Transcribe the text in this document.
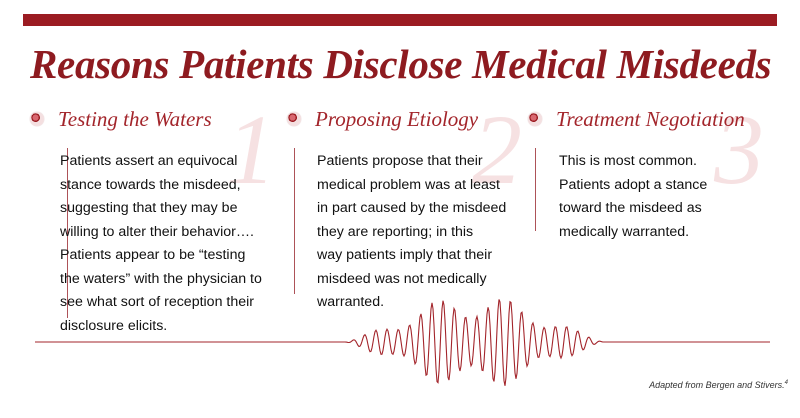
Reasons Patients Disclose Medical Misdeeds
1
Testing the Waters
Patients assert an equivocal
stance towards the misdeed,
suggesting that they may be
willing to alter their behavior….
Patients appear to be “testing
the waters” with the physician to
see what sort of reception their
disclosure elicits.
2
Proposing Etiology
Patients propose that their
medical problem was at least
in part caused by the misdeed
they are reporting; in this
way patients imply that their
misdeed was not medically
warranted.
3
Treatment Negotiation
This is most common.
Patients adopt a stance
toward the misdeed as
medically warranted.
Adapted from Bergen and Stivers.$^4$
